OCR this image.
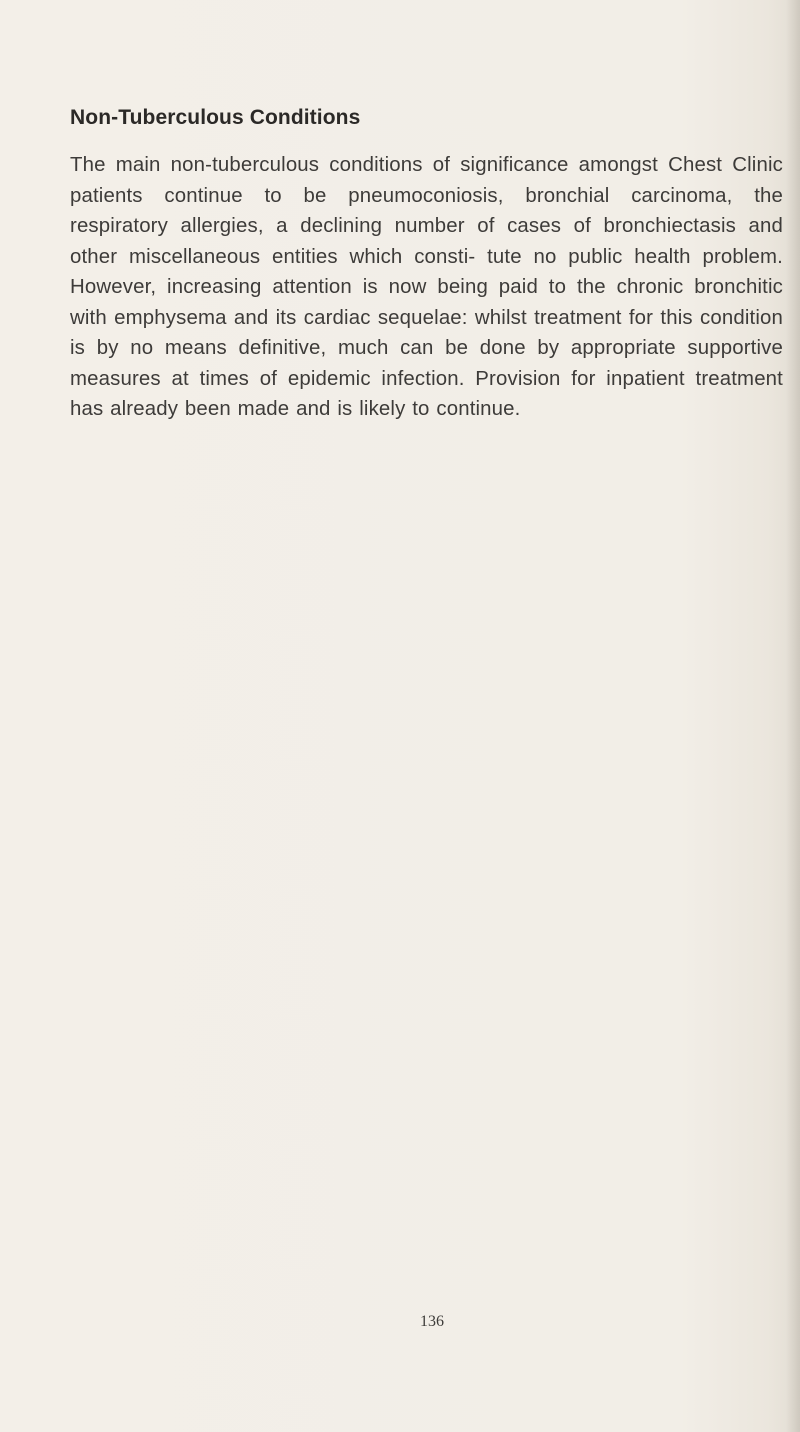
Non-Tuberculous Conditions

The main non-tuberculous conditions of significance amongst Chest Clinic patients continue to be pneumoconiosis, bronchial carcinoma, the respiratory allergies, a declining number of cases of bronchiectasis and other miscellaneous entities which consti- tute no public health problem. However, increasing attention is now being paid to the chronic bronchitic with emphysema and its cardiac sequelae: whilst treatment for this condition is by no means definitive, much can be done by appropriate supportive measures at times of epidemic infection. Provision for inpatient treatment has already been made and is likely to continue.

136
